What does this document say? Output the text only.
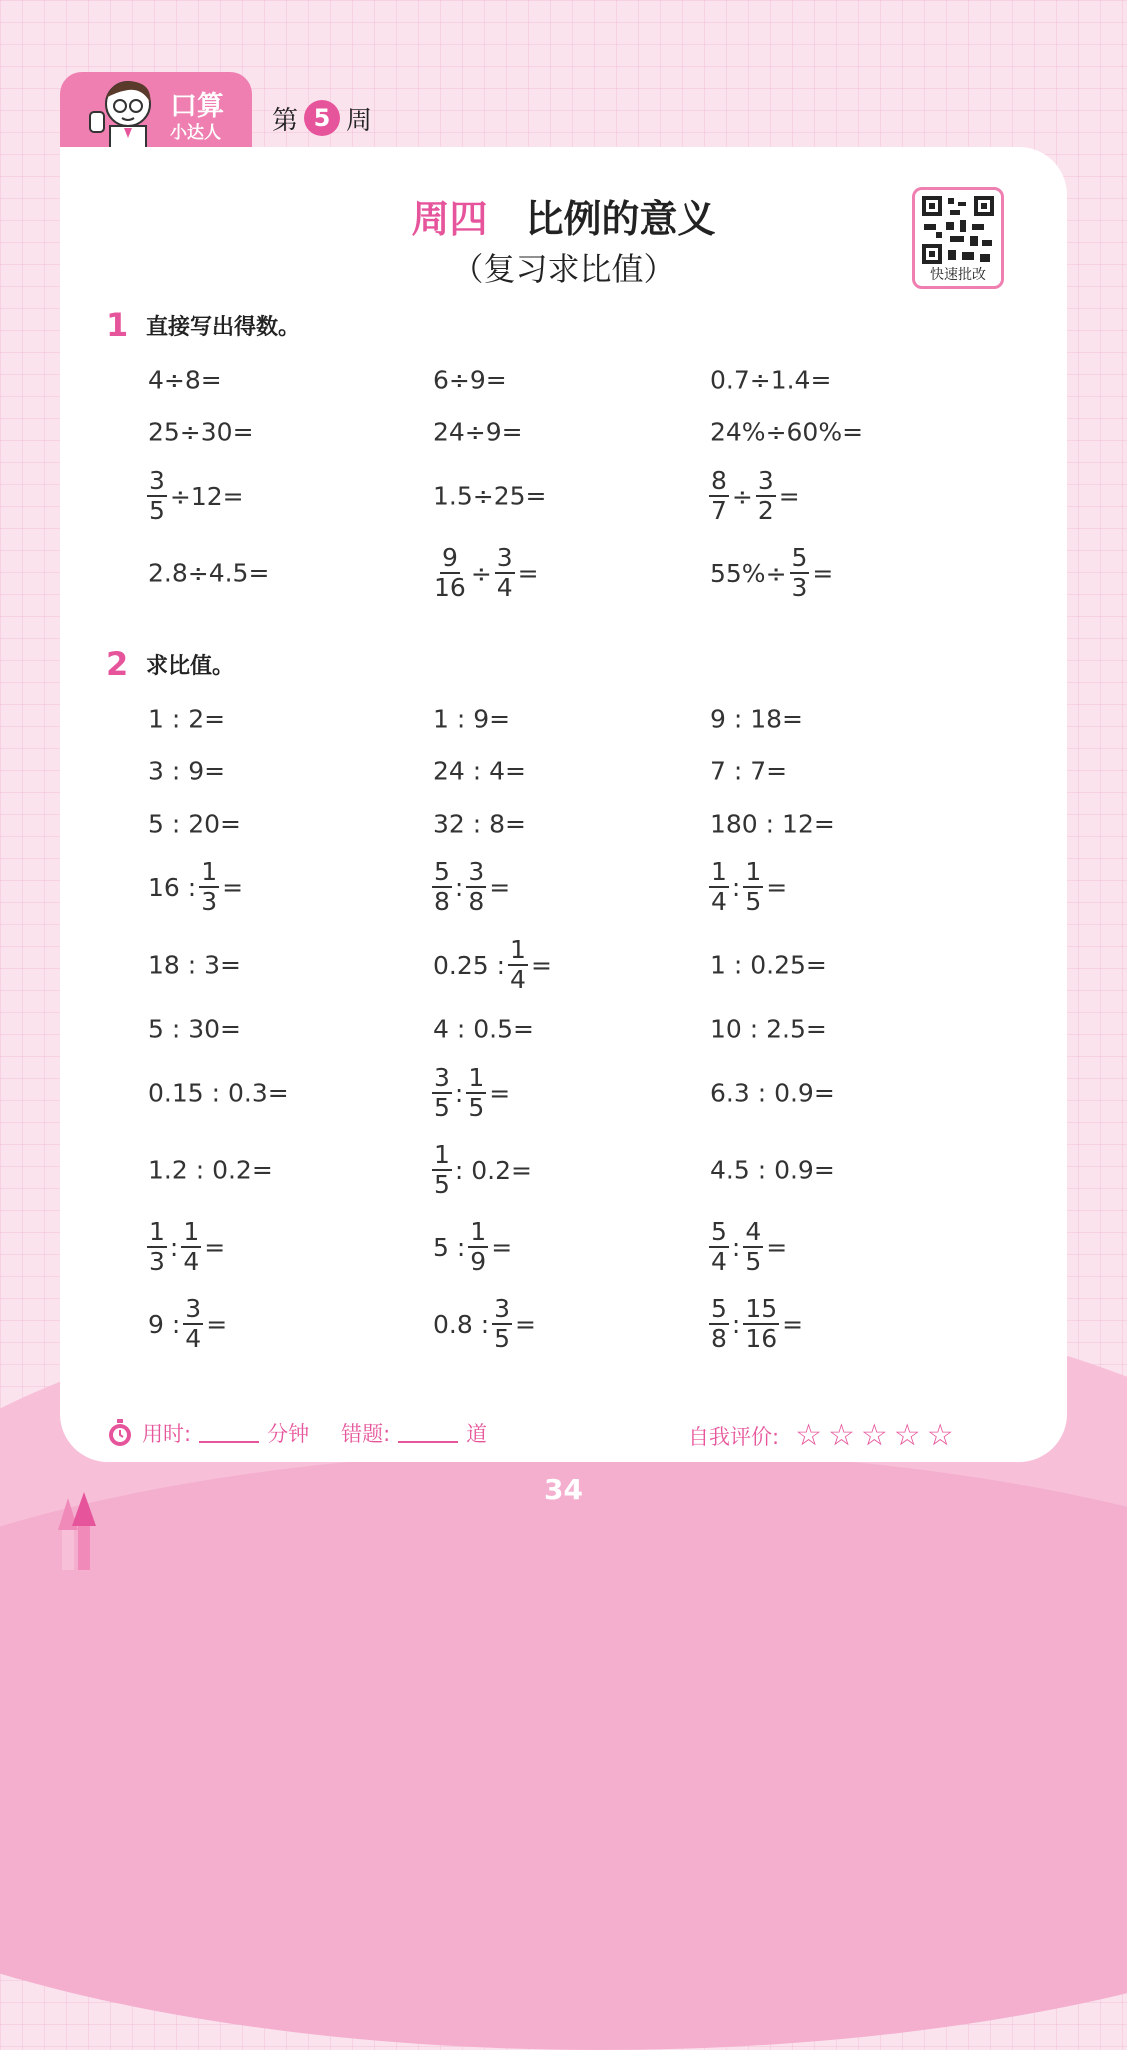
口算
小达人 第 5 周
周四 比例的意义
（复习求比值）	快速批改
1 直接写出得数。
2 求比值。
4÷8=	6÷9=	0.7÷1.4=
25÷30=	24÷9=	24%÷60%=
$\frac{3}{5} \div 12=$	1.5÷25=	$\frac{8}{7} \div \frac{3}{2}$ =
2.8÷4.5=	$\frac{9}{16} \div \frac{3}{4}$ =	$55\%\div \frac{5}{3}$ =
1 : 2=	1 : 9=	9 : 18=
3 : 9=	24 : 4=	7 : 7=
5 : 20=	32 : 8=	180 : 12=
16 : $\frac{1}{3}$ =	$\frac{5}{8}$ : $\frac{3}{8}$ =	$\frac{1}{4}$ : $\frac{1}{5}$ =
18 : 3=	0.25 : $\frac{1}{4}$ =	1 : 0.25=
5 : 30=	4 : 0.5=	10 : 2.5=
0.15 : 0.3=	$\frac{3}{5}$ : $\frac{1}{5}$ =	6.3 : 0.9=
1.2 : 0.2=	$\frac{1}{5}$ : 0.2=	4.5 : 0.9=
$\frac{1}{3}$ : $\frac{1}{4}$ =	5 : $\frac{1}{9}$ =	$\frac{5}{4}$ : $\frac{4}{5}$ =
9 : $\frac{3}{4}$ =	0.8 : $\frac{3}{5}$ =	$\frac{5}{8}$ : $\frac{15}{16}$ =
用时:	分钟 错题:	道	自我评价: ☆ ☆ ☆ ☆ ☆
34
